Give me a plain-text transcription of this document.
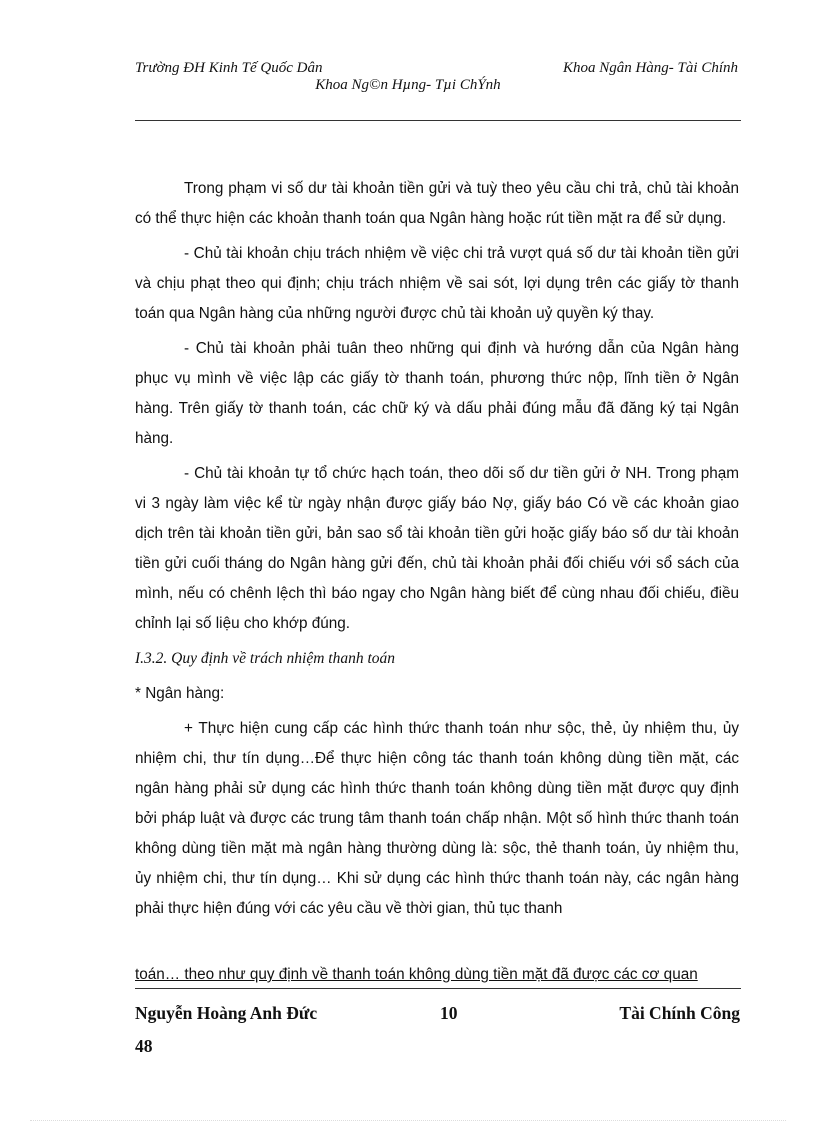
Trường ĐH Kinh Tế Quốc Dân	Khoa Ngân Hàng- Tài Chính
Khoa Ng©n Hµng- Tµi ChÝnh

Trong phạm vi số dư tài khoản tiền gửi và tuỳ theo yêu cầu chi trả, chủ tài khoản có thể thực hiện các khoản thanh toán qua Ngân hàng hoặc rút tiền mặt ra để sử dụng.

- Chủ tài khoản chịu trách nhiệm về việc chi trả vượt quá số dư tài khoản tiền gửi và chịu phạt theo qui định; chịu trách nhiệm về sai sót, lợi dụng trên các giấy tờ thanh toán qua Ngân hàng của những người được chủ tài khoản uỷ quyền ký thay.

- Chủ tài khoản phải tuân theo những qui định và hướng dẫn của Ngân hàng phục vụ mình về việc lập các giấy tờ thanh toán, phương thức nộp, lĩnh tiền ở Ngân hàng. Trên giấy tờ thanh toán, các chữ ký và dấu phải đúng mẫu đã đăng ký tại Ngân hàng.

- Chủ tài khoản tự tổ chức hạch toán, theo dõi số dư tiền gửi ở NH. Trong phạm vi 3 ngày làm việc kể từ ngày nhận được giấy báo Nợ, giấy báo Có về các khoản giao dịch trên tài khoản tiền gửi, bản sao sổ tài khoản tiền gửi hoặc giấy báo số dư tài khoản tiền gửi cuối tháng do Ngân hàng gửi đến, chủ tài khoản phải đối chiếu với sổ sách của mình, nếu có chênh lệch thì báo ngay cho Ngân hàng biết để cùng nhau đối chiếu, điều chỉnh lại số liệu cho khớp đúng.

I.3.2. Quy định về trách nhiệm thanh toán

* Ngân hàng:

+ Thực hiện cung cấp các hình thức thanh toán như sộc, thẻ, ủy nhiệm thu, ủy nhiệm chi, thư tín dụng…Để thực hiện công tác thanh toán không dùng tiền mặt, các ngân hàng phải sử dụng các hình thức thanh toán không dùng tiền mặt được quy định bởi pháp luật và được các trung tâm thanh toán chấp nhận. Một số hình thức thanh toán không dùng tiền mặt mà ngân hàng thường dùng là: sộc, thẻ thanh toán, ủy nhiệm thu, ủy nhiệm chi, thư tín dụng… Khi sử dụng các hình thức thanh toán này, các ngân hàng phải thực hiện đúng với các yêu cầu về thời gian, thủ tục thanh

toán… theo như quy định về thanh toán không dùng tiền mặt đã được các cơ quan
Nguyễn Hoàng Anh Đức	10	Tài Chính Công
48
